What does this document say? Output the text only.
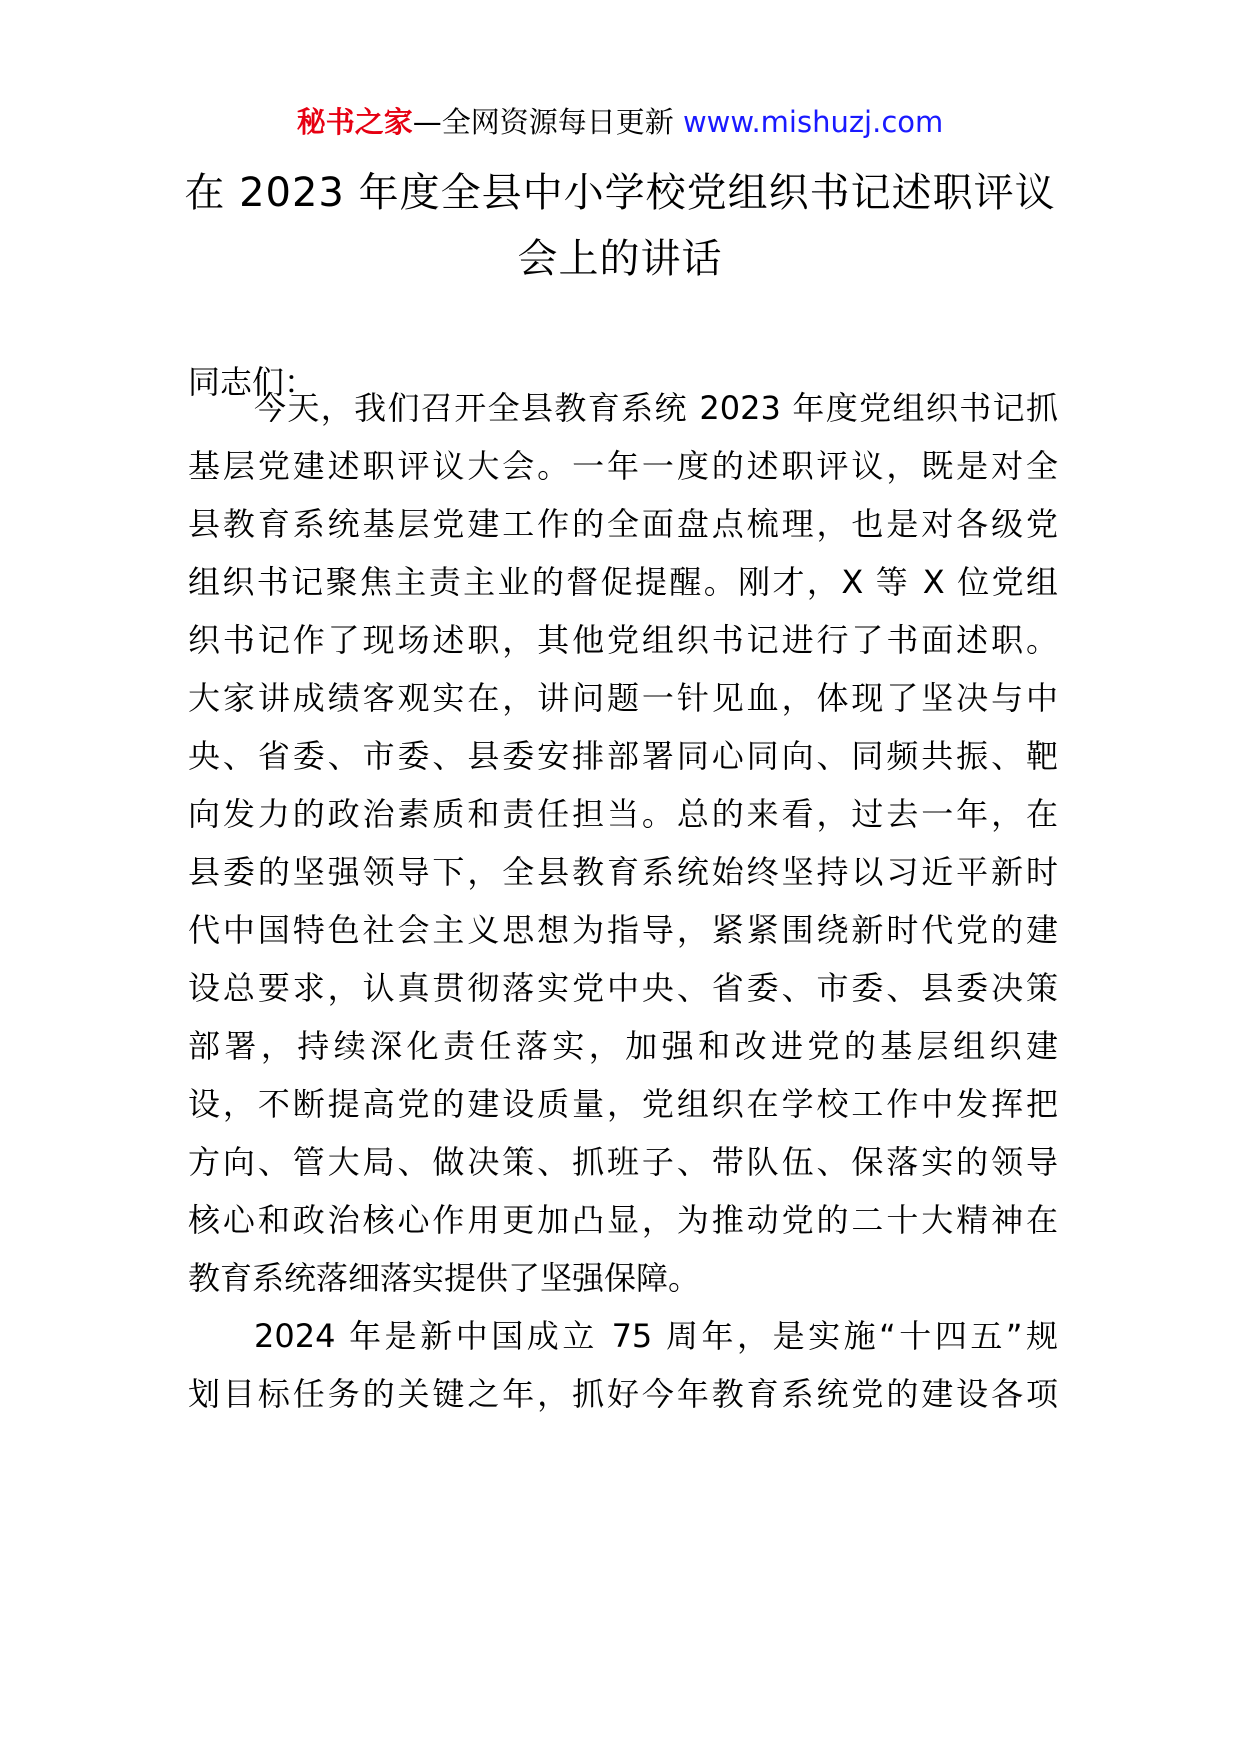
秘书之家—全网资源每日更新 www.mishuzj.com
在 2023 年度全县中小学校党组织书记述职评议
会上的讲话

同志们：

今天，我们召开全县教育系统 2023 年度党组织书记抓
基层党建述职评议大会。一年一度的述职评议，既是对全
县教育系统基层党建工作的全面盘点梳理，也是对各级党
组织书记聚焦主责主业的督促提醒。刚才，X 等 X 位党组
织书记作了现场述职，其他党组织书记进行了书面述职。
大家讲成绩客观实在，讲问题一针见血，体现了坚决与中
央、省委、市委、县委安排部署同心同向、同频共振、靶
向发力的政治素质和责任担当。总的来看，过去一年，在
县委的坚强领导下，全县教育系统始终坚持以习近平新时
代中国特色社会主义思想为指导，紧紧围绕新时代党的建
设总要求，认真贯彻落实党中央、省委、市委、县委决策
部署，持续深化责任落实，加强和改进党的基层组织建
设，不断提高党的建设质量，党组织在学校工作中发挥把
方向、管大局、做决策、抓班子、带队伍、保落实的领导
核心和政治核心作用更加凸显，为推动党的二十大精神在
教育系统落细落实提供了坚强保障。
2024 年是新中国成立 75 周年，是实施“十四五”规
划目标任务的关键之年，抓好今年教育系统党的建设各项
